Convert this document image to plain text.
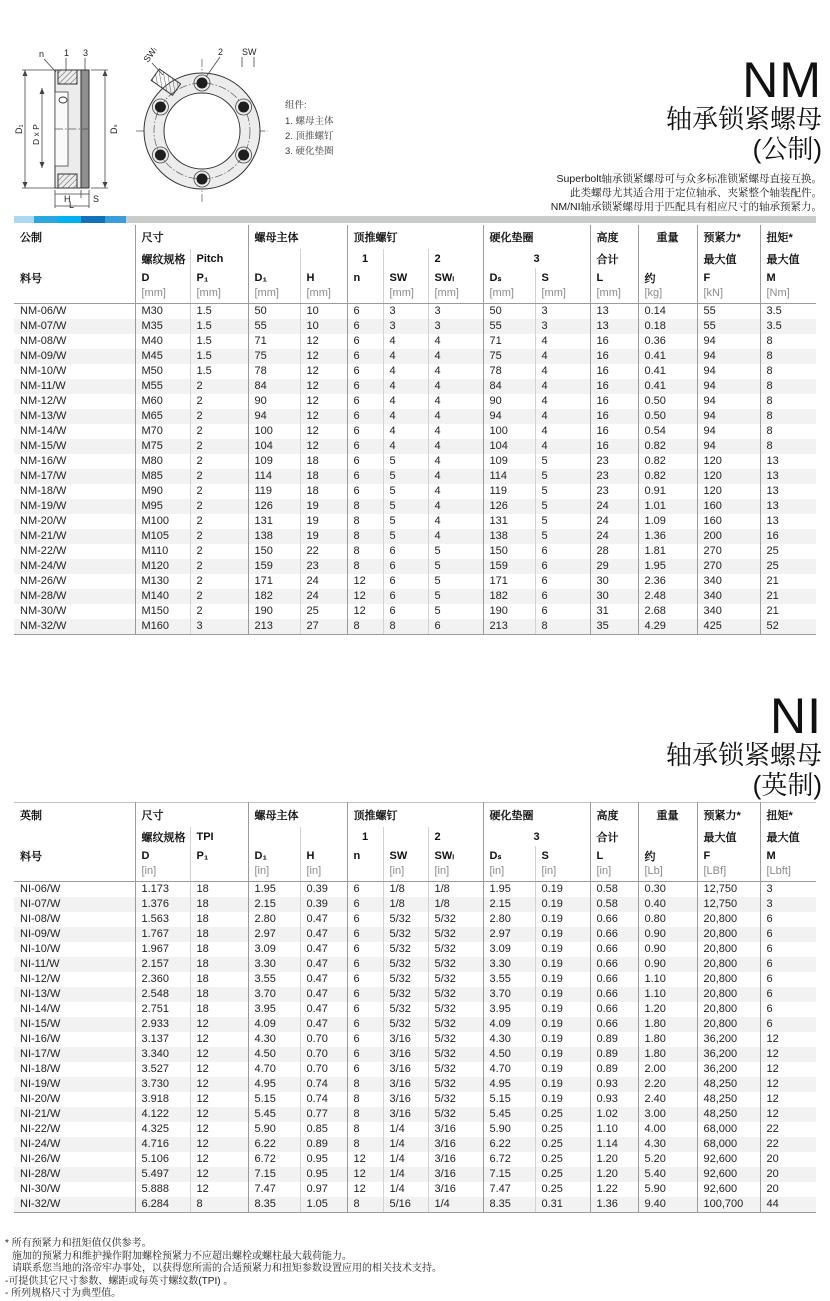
D₁ D x P
n 1 3
Dₛ
H	S
L
SWₗ	2 SW
组件:
1. 螺母主体
2. 顶推螺钉
3. 硬化垫圈
NM
轴承锁紧螺母
(公制)
Superbolt轴承锁紧螺母可与众多标准锁紧螺母直接互换。
此类螺母尤其适合用于定位轴承、夹紧整个轴装配件。
NM/NI轴承锁紧螺母用于匹配具有相应尺寸的轴承预紧力。
公制	尺寸		螺母主体		顶推螺钉			硬化垫圈		高度	重量	预紧力*	扭矩*
	螺纹规格	Pitch			1		2	3		合计		最大值	最大值
料号	D	P₁	D₁	H	n	SW	SWₗ	Dₛ	S	L	约	F	M
	[mm]	[mm]	[mm]	[mm]		[mm]	[mm]	[mm]	[mm]	[mm]	[kg]	[kN]	[Nm]
NM-06/W	M30	1.5	50	10	6	3	3	50	3	13	0.14	55	3.5
NM-07/W	M35	1.5	55	10	6	3	3	55	3	13	0.18	55	3.5
NM-08/W	M40	1.5	71	12	6	4	4	71	4	16	0.36	94	8
NM-09/W	M45	1.5	75	12	6	4	4	75	4	16	0.41	94	8
NM-10/W	M50	1.5	78	12	6	4	4	78	4	16	0.41	94	8
NM-11/W	M55	2	84	12	6	4	4	84	4	16	0.41	94	8
NM-12/W	M60	2	90	12	6	4	4	90	4	16	0.50	94	8
NM-13/W	M65	2	94	12	6	4	4	94	4	16	0.50	94	8
NM-14/W	M70	2	100	12	6	4	4	100	4	16	0.54	94	8
NM-15/W	M75	2	104	12	6	4	4	104	4	16	0.82	94	8
NM-16/W	M80	2	109	18	6	5	4	109	5	23	0.82	120	13
NM-17/W	M85	2	114	18	6	5	4	114	5	23	0.82	120	13
NM-18/W	M90	2	119	18	6	5	4	119	5	23	0.91	120	13
NM-19/W	M95	2	126	19	8	5	4	126	5	24	1.01	160	13
NM-20/W	M100	2	131	19	8	5	4	131	5	24	1.09	160	13
NM-21/W	M105	2	138	19	8	5	4	138	5	24	1.36	200	16
NM-22/W	M110	2	150	22	8	6	5	150	6	28	1.81	270	25
NM-24/W	M120	2	159	23	8	6	5	159	6	29	1.95	270	25
NM-26/W	M130	2	171	24	12	6	5	171	6	30	2.36	340	21
NM-28/W	M140	2	182	24	12	6	5	182	6	30	2.48	340	21
NM-30/W	M150	2	190	25	12	6	5	190	6	31	2.68	340	21
NM-32/W	M160	3	213	27	8	8	6	213	8	35	4.29	425	52
NI
轴承锁紧螺母
(英制)
英制	尺寸		螺母主体		顶推螺钉			硬化垫圈		高度	重量	预紧力*	扭矩*
	螺纹规格	TPI			1		2	3		合计		最大值	最大值
料号	D	P₁	D₁	H	n	SW	SWₗ	Dₛ	S	L	约	F	M
	[in]		[in]	[in]		[in]	[in]	[in]	[in]	[in]	[Lb]	[LBf]	[Lbft]
NI-06/W	1.173	18	1.95	0.39	6	1/8	1/8	1.95	0.19	0.58	0.30	12,750	3
NI-07/W	1.376	18	2.15	0.39	6	1/8	1/8	2.15	0.19	0.58	0.40	12,750	3
NI-08/W	1.563	18	2.80	0.47	6	5/32	5/32	2.80	0.19	0.66	0.80	20,800	6
NI-09/W	1.767	18	2.97	0.47	6	5/32	5/32	2.97	0.19	0.66	0.90	20,800	6
NI-10/W	1.967	18	3.09	0.47	6	5/32	5/32	3.09	0.19	0.66	0.90	20,800	6
NI-11/W	2.157	18	3.30	0.47	6	5/32	5/32	3.30	0.19	0.66	0.90	20,800	6
NI-12/W	2.360	18	3.55	0.47	6	5/32	5/32	3.55	0.19	0.66	1.10	20,800	6
NI-13/W	2.548	18	3.70	0.47	6	5/32	5/32	3.70	0.19	0.66	1.10	20,800	6
NI-14/W	2.751	18	3.95	0.47	6	5/32	5/32	3.95	0.19	0.66	1.20	20,800	6
NI-15/W	2.933	12	4.09	0.47	6	5/32	5/32	4.09	0.19	0.66	1.80	20,800	6
NI-16/W	3.137	12	4.30	0.70	6	3/16	5/32	4.30	0.19	0.89	1.80	36,200	12
NI-17/W	3.340	12	4.50	0.70	6	3/16	5/32	4.50	0.19	0.89	1.80	36,200	12
NI-18/W	3.527	12	4.70	0.70	6	3/16	5/32	4.70	0.19	0.89	2.00	36,200	12
NI-19/W	3.730	12	4.95	0.74	8	3/16	5/32	4.95	0.19	0.93	2.20	48,250	12
NI-20/W	3.918	12	5.15	0.74	8	3/16	5/32	5.15	0.19	0.93	2.40	48,250	12
NI-21/W	4.122	12	5.45	0.77	8	3/16	5/32	5.45	0.25	1.02	3.00	48,250	12
NI-22/W	4.325	12	5.90	0.85	8	1/4	3/16	5.90	0.25	1.10	4.00	68,000	22
NI-24/W	4.716	12	6.22	0.89	8	1/4	3/16	6.22	0.25	1.14	4.30	68,000	22
NI-26/W	5.106	12	6.72	0.95	12	1/4	3/16	6.72	0.25	1.20	5.20	92,600	20
NI-28/W	5.497	12	7.15	0.95	12	1/4	3/16	7.15	0.25	1.20	5.40	92,600	20
NI-30/W	5.888	12	7.47	0.97	12	1/4	3/16	7.47	0.25	1.22	5.90	92,600	20
NI-32/W	6.284	8	8.35	1.05	8	5/16	1/4	8.35	0.31	1.36	9.40	100,700	44
* 所有预紧力和扭矩值仅供参考。
施加的预紧力和维护操作附加螺栓预紧力不应超出螺栓或螺柱最大载荷能力。
请联系您当地的洛帝牢办事处，以获得您所需的合适预紧力和扭矩参数设置应用的相关技术支持。
-可提供其它尺寸参数、螺距或每英寸螺纹数(TPI) 。
- 所列规格尺寸为典型值。
